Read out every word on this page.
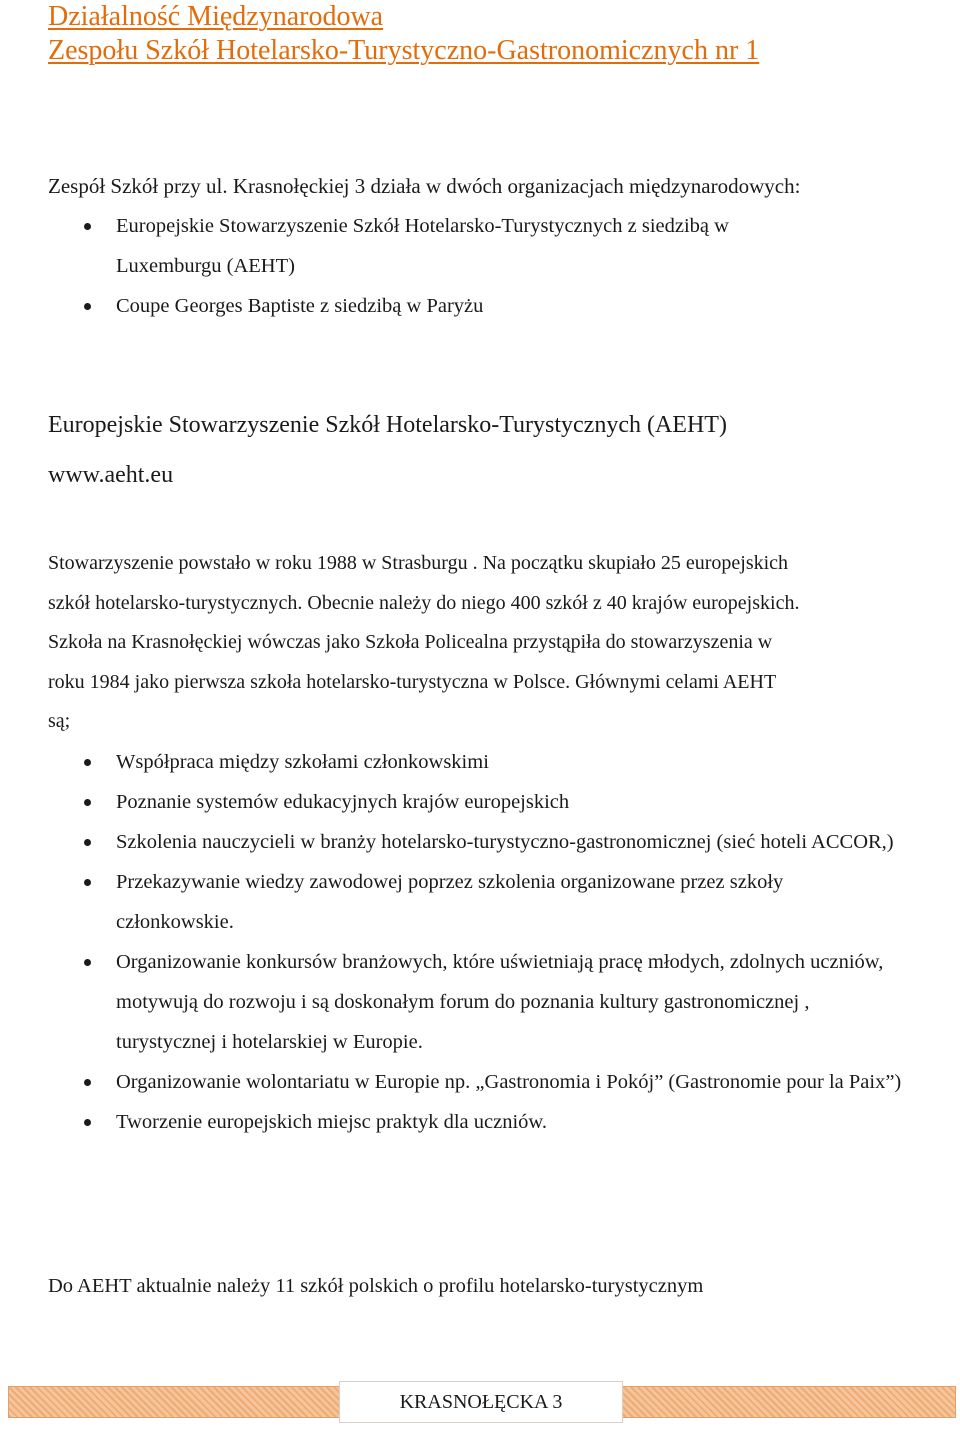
Działalność Międzynarodowa
Zespołu Szkół Hotelarsko-Turystyczno-Gastronomicznych nr 1

Zespół Szkół przy ul. Krasnołęckiej 3 działa w dwóch organizacjach międzynarodowych:

Europejskie Stowarzyszenie Szkół Hotelarsko-Turystycznych z siedzibą w
Luxemburgu (AEHT)
Coupe Georges Baptiste z siedzibą w Paryżu
Europejskie Stowarzyszenie Szkół Hotelarsko-Turystycznych (AEHT)
www.aeht.eu

Stowarzyszenie powstało w roku 1988 w Strasburgu . Na początku skupiało 25 europejskich
szkół hotelarsko-turystycznych. Obecnie należy do niego 400 szkół z 40 krajów europejskich.
Szkoła na Krasnołęckiej wówczas jako Szkoła Policealna przystąpiła do stowarzyszenia w
roku 1984 jako pierwsza szkoła hotelarsko-turystyczna w Polsce. Głównymi celami AEHT
są;

Współpraca między szkołami członkowskimi
Poznanie systemów edukacyjnych krajów europejskich
Szkolenia nauczycieli w branży hotelarsko-turystyczno-gastronomicznej (sieć hoteli ACCOR,)
Przekazywanie wiedzy zawodowej poprzez szkolenia organizowane przez szkoły członkowskie.
Organizowanie konkursów branżowych, które uświetniają pracę młodych, zdolnych uczniów, motywują do rozwoju i są doskonałym forum do poznania kultury gastronomicznej , turystycznej i hotelarskiej w Europie.
Organizowanie wolontariatu w Europie np. „Gastronomia i Pokój” (Gastronomie pour la Paix”)
Tworzenie europejskich miejsc praktyk dla uczniów.

Do AEHT aktualnie należy 11 szkół polskich o profilu hotelarsko-turystycznym

KRASNOŁĘCKA 3
